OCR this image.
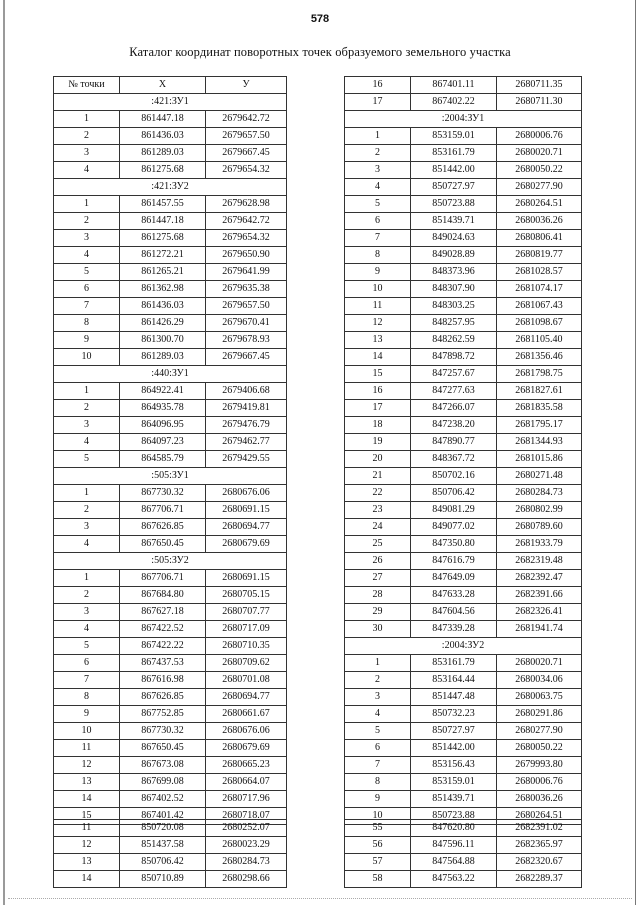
578
Каталог координат поворотных точек образуемого земельного участка
№ точки	X	У
:421:ЗУ1		
1	861447.18	2679642.72
2	861436.03	2679657.50
3	861289.03	2679667.45
4	861275.68	2679654.32
:421:ЗУ2		
1	861457.55	2679628.98
2	861447.18	2679642.72
3	861275.68	2679654.32
4	861272.21	2679650.90
5	861265.21	2679641.99
6	861362.98	2679635.38
7	861436.03	2679657.50
8	861426.29	2679670.41
9	861300.70	2679678.93
10	861289.03	2679667.45
:440:ЗУ1		
1	864922.41	2679406.68
2	864935.78	2679419.81
3	864096.95	2679476.79
4	864097.23	2679462.77
5	864585.79	2679429.55
:505:ЗУ1		
1	867730.32	2680676.06
2	867706.71	2680691.15
3	867626.85	2680694.77
4	867650.45	2680679.69
:505:ЗУ2		
1	867706.71	2680691.15
2	867684.80	2680705.15
3	867627.18	2680707.77
4	867422.52	2680717.09
5	867422.22	2680710.35
6	867437.53	2680709.62
7	867616.98	2680701.08
8	867626.85	2680694.77
9	867752.85	2680661.67
10	867730.32	2680676.06
11	867650.45	2680679.69
12	867673.08	2680665.23
13	867699.08	2680664.07
14	867402.52	2680717.96
15	867401.42	2680718.07
16	867401.11	2680711.35
17	867402.22	2680711.30
:2004:ЗУ1		
1	853159.01	2680006.76
2	853161.79	2680020.71
3	851442.00	2680050.22
4	850727.97	2680277.90
5	850723.88	2680264.51
6	851439.71	2680036.26
7	849024.63	2680806.41
8	849028.89	2680819.77
9	848373.96	2681028.57
10	848307.90	2681074.17
11	848303.25	2681067.43
12	848257.95	2681098.67
13	848262.59	2681105.40
14	847898.72	2681356.46
15	847257.67	2681798.75
16	847277.63	2681827.61
17	847266.07	2681835.58
18	847238.20	2681795.17
19	847890.77	2681344.93
20	848367.72	2681015.86
21	850702.16	2680271.48
22	850706.42	2680284.73
23	849081.29	2680802.99
24	849077.02	2680789.60
25	847350.80	2681933.79
26	847616.79	2682319.48
27	847649.09	2682392.47
28	847633.28	2682391.66
29	847604.56	2682326.41
30	847339.28	2681941.74
:2004:ЗУ2		
1	853161.79	2680020.71
2	853164.44	2680034.06
3	851447.48	2680063.75
4	850732.23	2680291.86
5	850727.97	2680277.90
6	851442.00	2680050.22
7	853156.43	2679993.80
8	853159.01	2680006.76
9	851439.71	2680036.26
10	850723.88	2680264.51
11	850720.08	2680252.07
12	851437.58	2680023.29
13	850706.42	2680284.73
14	850710.89	2680298.66
55	847620.80	2682391.02
56	847596.11	2682365.97
57	847564.88	2682320.67
58	847563.22	2682289.37
